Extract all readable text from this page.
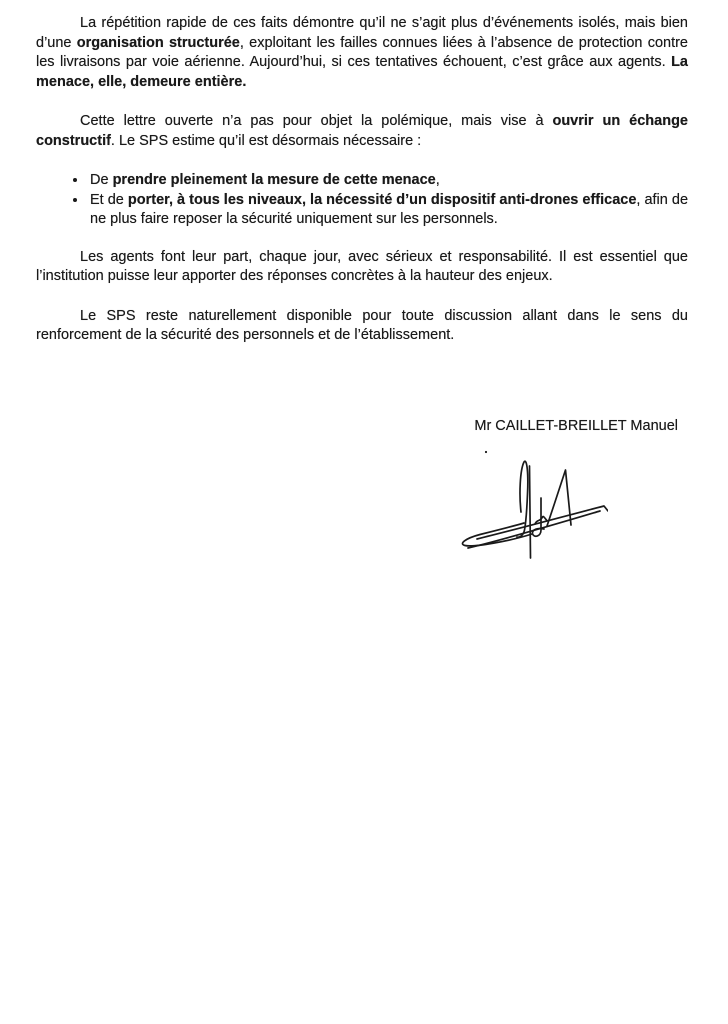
La répétition rapide de ces faits démontre qu’il ne s’agit plus d’événements isolés, mais bien d’une organisation structurée, exploitant les failles connues liées à l’absence de protection contre les livraisons par voie aérienne. Aujourd’hui, si ces tentatives échouent, c’est grâce aux agents. La menace, elle, demeure entière.

Cette lettre ouverte n’a pas pour objet la polémique, mais vise à ouvrir un échange constructif. Le SPS estime qu’il est désormais nécessaire :

• De prendre pleinement la mesure de cette menace,
• Et de porter, à tous les niveaux, la nécessité d’un dispositif anti-drones efficace, afin de ne plus faire reposer la sécurité uniquement sur les personnels.

Les agents font leur part, chaque jour, avec sérieux et responsabilité. Il est essentiel que l’institution puisse leur apporter des réponses concrètes à la hauteur des enjeux.

Le SPS reste naturellement disponible pour toute discussion allant dans le sens du renforcement de la sécurité des personnels et de l’établissement.

Mr CAILLET-BREILLET Manuel
